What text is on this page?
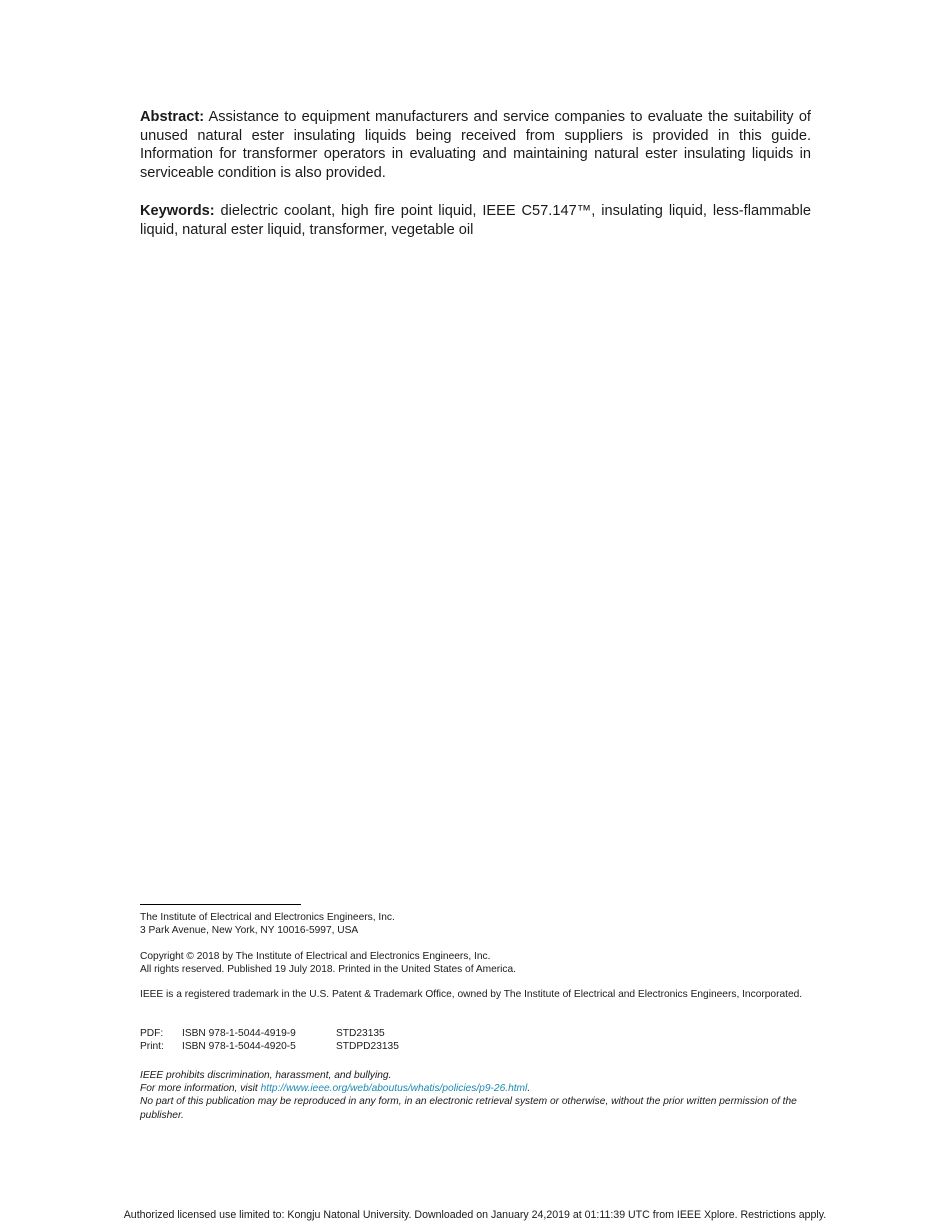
Abstract: Assistance to equipment manufacturers and service companies to evaluate the suitability of unused natural ester insulating liquids being received from suppliers is provided in this guide. Information for transformer operators in evaluating and maintaining natural ester insulating liquids in serviceable condition is also provided.

Keywords: dielectric coolant, high fire point liquid, IEEE C57.147™, insulating liquid, less-flammable liquid, natural ester liquid, transformer, vegetable oil

The Institute of Electrical and Electronics Engineers, Inc.
3 Park Avenue, New York, NY 10016-5997, USA
Copyright © 2018 by The Institute of Electrical and Electronics Engineers, Inc.
All rights reserved. Published 19 July 2018. Printed in the United States of America.
IEEE is a registered trademark in the U.S. Patent & Trademark Office, owned by The Institute of Electrical and Electronics Engineers, Incorporated.
PDF:	ISBN 978-1-5044-4919-9	STD23135
Print:	ISBN 978-1-5044-4920-5	STDPD23135
IEEE prohibits discrimination, harassment, and bullying.
For more information, visit http://www.ieee.org/web/aboutus/whatis/policies/p9-26.html.
No part of this publication may be reproduced in any form, in an electronic retrieval system or otherwise, without the prior written permission of the publisher.
Authorized licensed use limited to: Kongju Natonal University. Downloaded on January 24,2019 at 01:11:39 UTC from IEEE Xplore. Restrictions apply.
